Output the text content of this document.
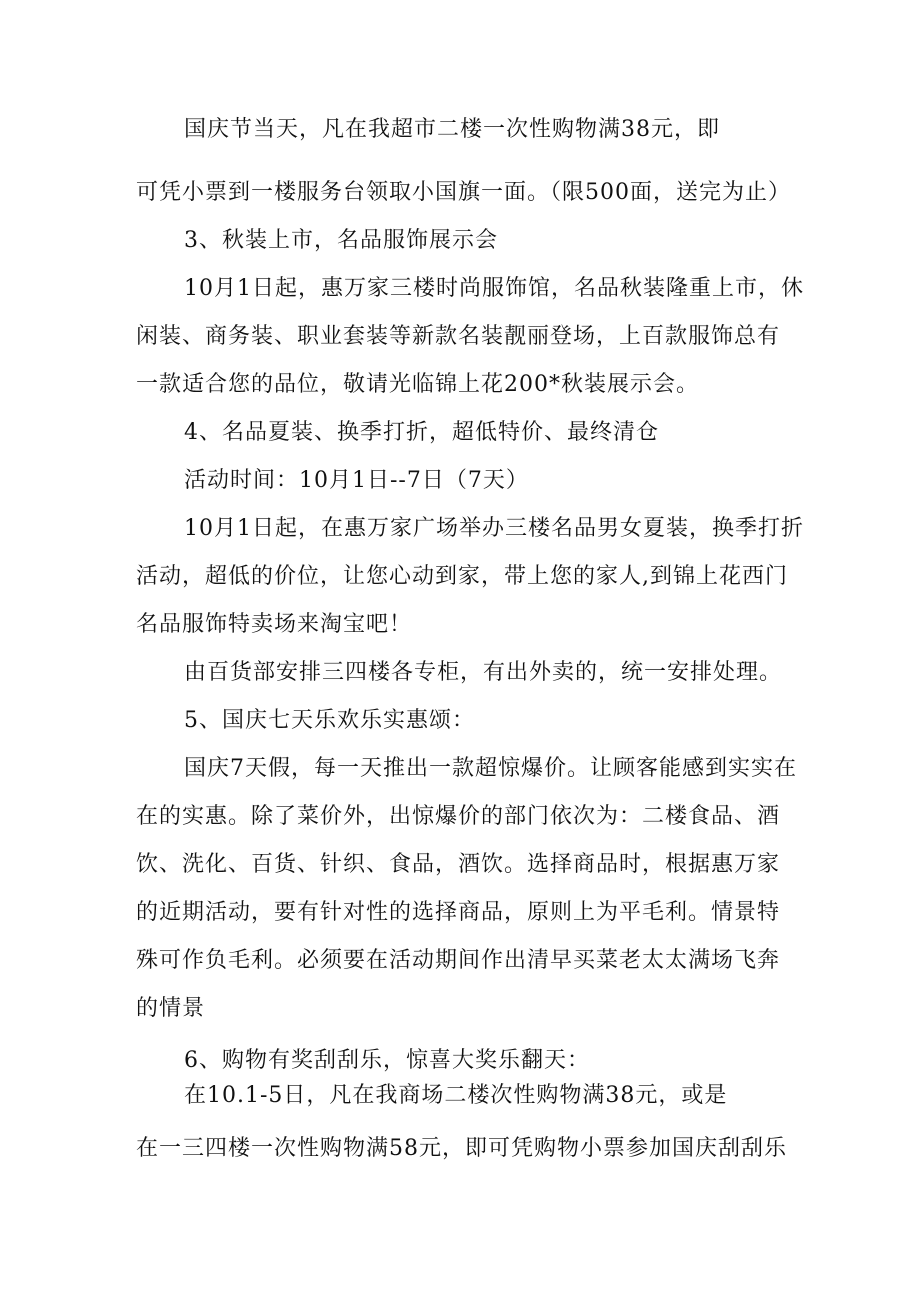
国庆节当天，凡在我超市二楼一次性购物满38元，即
可凭小票到一楼服务台领取小国旗一面。（限500面，送完为止）
3、秋装上市，名品服饰展示会
10月1日起，惠万家三楼时尚服饰馆，名品秋装隆重上市，休
闲装、商务装、职业套装等新款名装靓丽登场，上百款服饰总有
一款适合您的品位，敬请光临锦上花200*秋装展示会。
4、名品夏装、换季打折，超低特价、最终清仓
活动时间：10月1日--7日（7天）
10月1日起，在惠万家广场举办三楼名品男女夏装，换季打折
活动，超低的价位，让您心动到家，带上您的家人,到锦上花西门
名品服饰特卖场来淘宝吧！
由百货部安排三四楼各专柜，有出外卖的，统一安排处理。
5、国庆七天乐欢乐实惠颂：
国庆7天假，每一天推出一款超惊爆价。让顾客能感到实实在
在的实惠。除了菜价外，出惊爆价的部门依次为：二楼食品、酒
饮、洗化、百货、针织、食品，酒饮。选择商品时，根据惠万家
的近期活动，要有针对性的选择商品，原则上为平毛利。情景特
殊可作负毛利。必须要在活动期间作出清早买菜老太太满场飞奔
的情景
6、购物有奖刮刮乐，惊喜大奖乐翻天：
在10.1-5日，凡在我商场二楼次性购物满38元，或是
在一三四楼一次性购物满58元，即可凭购物小票参加国庆刮刮乐
